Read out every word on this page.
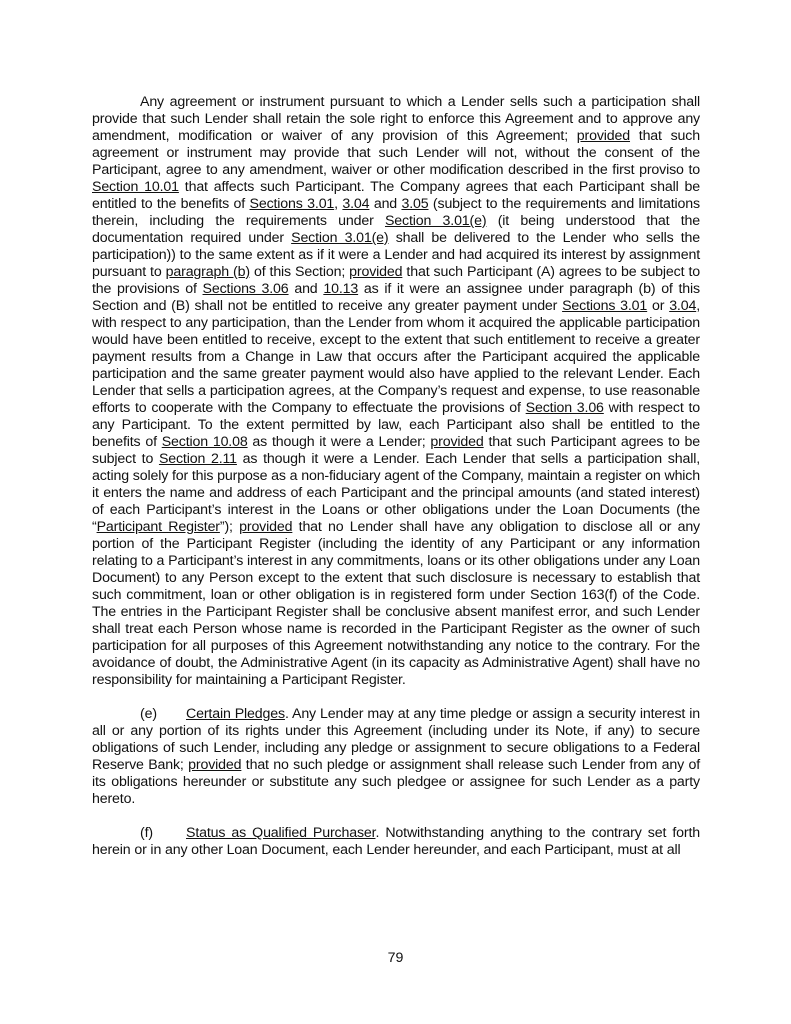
Any agreement or instrument pursuant to which a Lender sells such a participation shall provide that such Lender shall retain the sole right to enforce this Agreement and to approve any amendment, modification or waiver of any provision of this Agreement; provided that such agreement or instrument may provide that such Lender will not, without the consent of the Participant, agree to any amendment, waiver or other modification described in the first proviso to Section 10.01 that affects such Participant. The Company agrees that each Participant shall be entitled to the benefits of Sections 3.01, 3.04 and 3.05 (subject to the requirements and limitations therein, including the requirements under Section 3.01(e) (it being understood that the documentation required under Section 3.01(e) shall be delivered to the Lender who sells the participation)) to the same extent as if it were a Lender and had acquired its interest by assignment pursuant to paragraph (b) of this Section; provided that such Participant (A) agrees to be subject to the provisions of Sections 3.06 and 10.13 as if it were an assignee under paragraph (b) of this Section and (B) shall not be entitled to receive any greater payment under Sections 3.01 or 3.04, with respect to any participation, than the Lender from whom it acquired the applicable participation would have been entitled to receive, except to the extent that such entitlement to receive a greater payment results from a Change in Law that occurs after the Participant acquired the applicable participation and the same greater payment would also have applied to the relevant Lender. Each Lender that sells a participation agrees, at the Company’s request and expense, to use reasonable efforts to cooperate with the Company to effectuate the provisions of Section 3.06 with respect to any Participant. To the extent permitted by law, each Participant also shall be entitled to the benefits of Section 10.08 as though it were a Lender; provided that such Participant agrees to be subject to Section 2.11 as though it were a Lender. Each Lender that sells a participation shall, acting solely for this purpose as a non-fiduciary agent of the Company, maintain a register on which it enters the name and address of each Participant and the principal amounts (and stated interest) of each Participant’s interest in the Loans or other obligations under the Loan Documents (the “Participant Register”); provided that no Lender shall have any obligation to disclose all or any portion of the Participant Register (including the identity of any Participant or any information relating to a Participant’s interest in any commitments, loans or its other obligations under any Loan Document) to any Person except to the extent that such disclosure is necessary to establish that such commitment, loan or other obligation is in registered form under Section 163(f) of the Code. The entries in the Participant Register shall be conclusive absent manifest error, and such Lender shall treat each Person whose name is recorded in the Participant Register as the owner of such participation for all purposes of this Agreement notwithstanding any notice to the contrary. For the avoidance of doubt, the Administrative Agent (in its capacity as Administrative Agent) shall have no responsibility for maintaining a Participant Register.

(e) Certain Pledges. Any Lender may at any time pledge or assign a security interest in all or any portion of its rights under this Agreement (including under its Note, if any) to secure obligations of such Lender, including any pledge or assignment to secure obligations to a Federal Reserve Bank; provided that no such pledge or assignment shall release such Lender from any of its obligations hereunder or substitute any such pledgee or assignee for such Lender as a party hereto.

(f) Status as Qualified Purchaser. Notwithstanding anything to the contrary set forth herein or in any other Loan Document, each Lender hereunder, and each Participant, must at all

79
